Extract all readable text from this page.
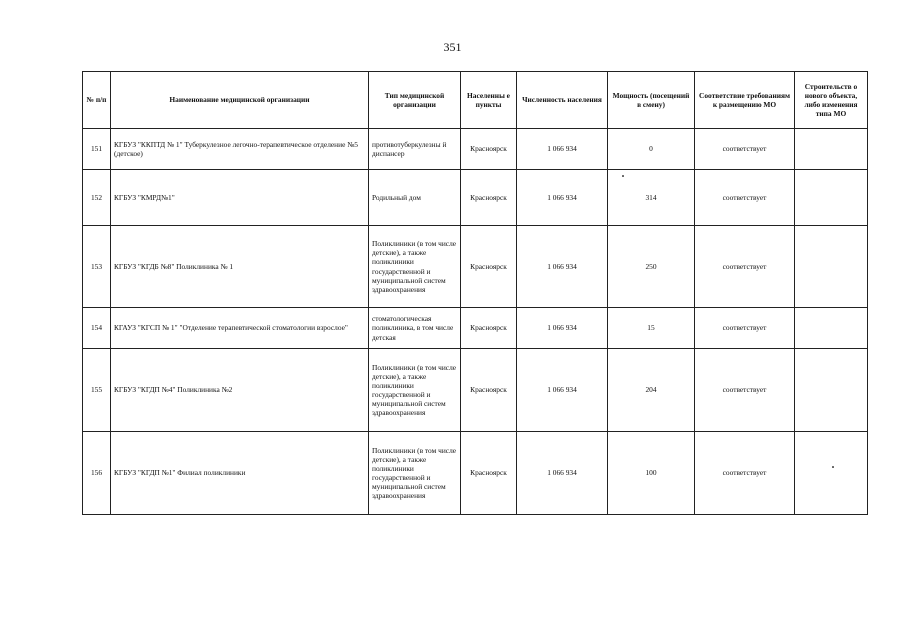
351
№ п/п	Наименование медицинской организации	Тип медицинской организации	Населенны е пункты	Численность населения	Мощность (посещений в смену)	Соответствие требованиям к размещению МО	Строительств о нового объекта, либо изменения типа МО
151	КГБУЗ "ККПТД № 1" Туберкулезное легочно-терапевтическое отделение №5 (детское)	противотуберкулезны й диспансер	Красноярск	1 066 934	0	соответствует	
152	КГБУЗ "КМРД№1"	Родильный дом	Красноярск	1 066 934	314	соответствует	
153	КГБУЗ "КГДБ №8" Поликлиника № 1	Поликлиники (в том числе детские), а также поликлиники государственной и муниципальной систем здравоохранения	Красноярск	1 066 934	250	соответствует	
154	КГАУЗ "КГСП № 1" "Отделение терапевтической стоматологии взрослое"	стоматологическая поликлиника, в том числе детская	Красноярск	1 066 934	15	соответствует	
155	КГБУЗ "КГДП №4" Поликлиника №2	Поликлиники (в том числе детские), а также поликлиники государственной и муниципальной систем здравоохранения	Красноярск	1 066 934	204	соответствует	
156	КГБУЗ "КГДП №1" Филиал поликлиники	Поликлиники (в том числе детские), а также поликлиники государственной и муниципальной систем здравоохранения	Красноярск	1 066 934	100	соответствует	
